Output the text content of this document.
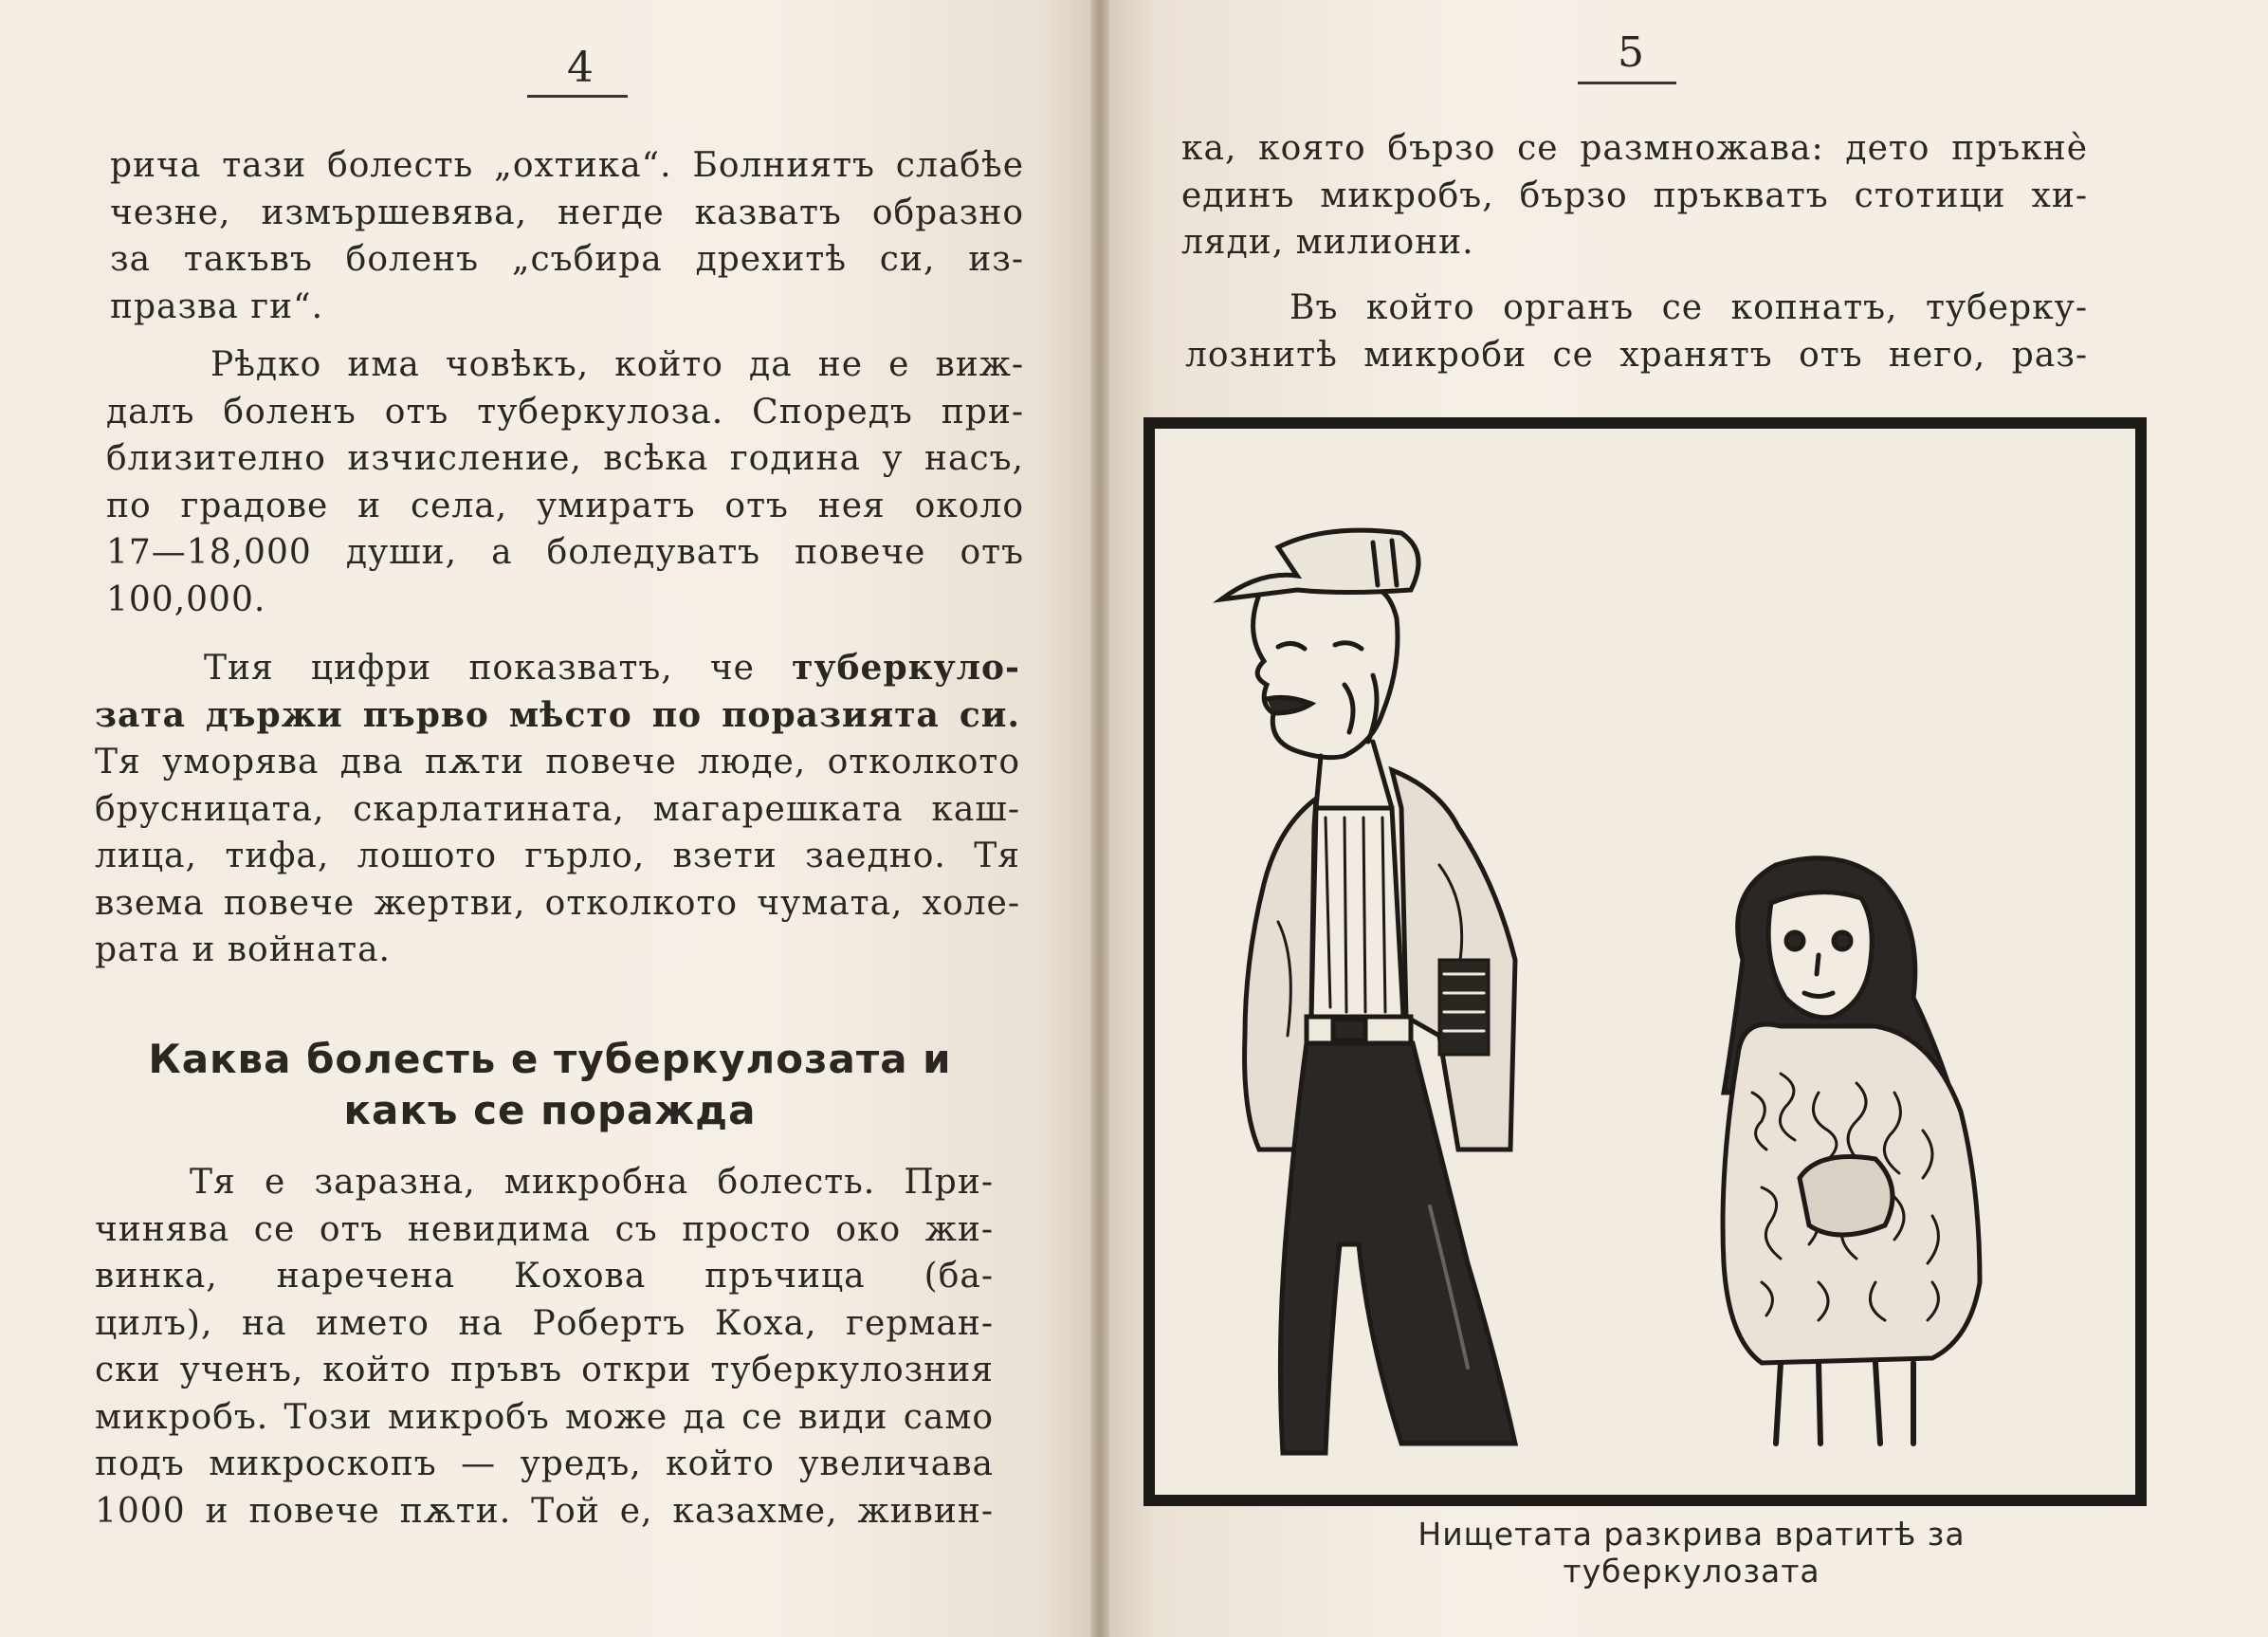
4
рича тази болесть „охтика“. Болниятъ слабѣе
чезне, измършевява, негде казватъ образно
за такъвъ боленъ „събира дрехитѣ си, из-
празва ги“.
Рѣдко има човѣкъ, който да не е виж-
далъ боленъ отъ туберкулоза. Споредъ при-
близително изчисление, всѣка година у насъ,
по градове и села, умиратъ отъ нея около
17—18,000 души, а боледуватъ повече отъ
100,000.
Тия цифри показватъ, че туберкуло-
зата държи първо мѣсто по поразията си.
Тя уморява два пѫти повече люде, отколкото
брусницата, скарлатината, магарешката каш-
лица, тифа, лошото гърло, взети заедно. Тя
взема повече жертви, отколкото чумата, холе-
рата и войната.
Каква болесть е туберкулозата и
какъ се поражда
Тя е заразна, микробна болесть. При-
чинява се отъ невидима съ просто око жи-
винка, наречена Кохова пръчица (ба-
цилъ), на името на Робертъ Коха, герман-
ски ученъ, който пръвъ откри туберкулозния
микробъ. Този микробъ може да се види само
подъ микроскопъ — уредъ, който увеличава
1000 и повече пѫти. Той е, казахме, живин-
5
ка, която бързо се размножава: дето пръкнѐ
единъ микробъ, бързо пръкватъ стотици хи-
ляди, милиони.
Въ който органъ се копнатъ, туберку-
лознитѣ микроби се хранятъ отъ него, раз-
Нищетата разкрива вратитѣ за туберкулозата
